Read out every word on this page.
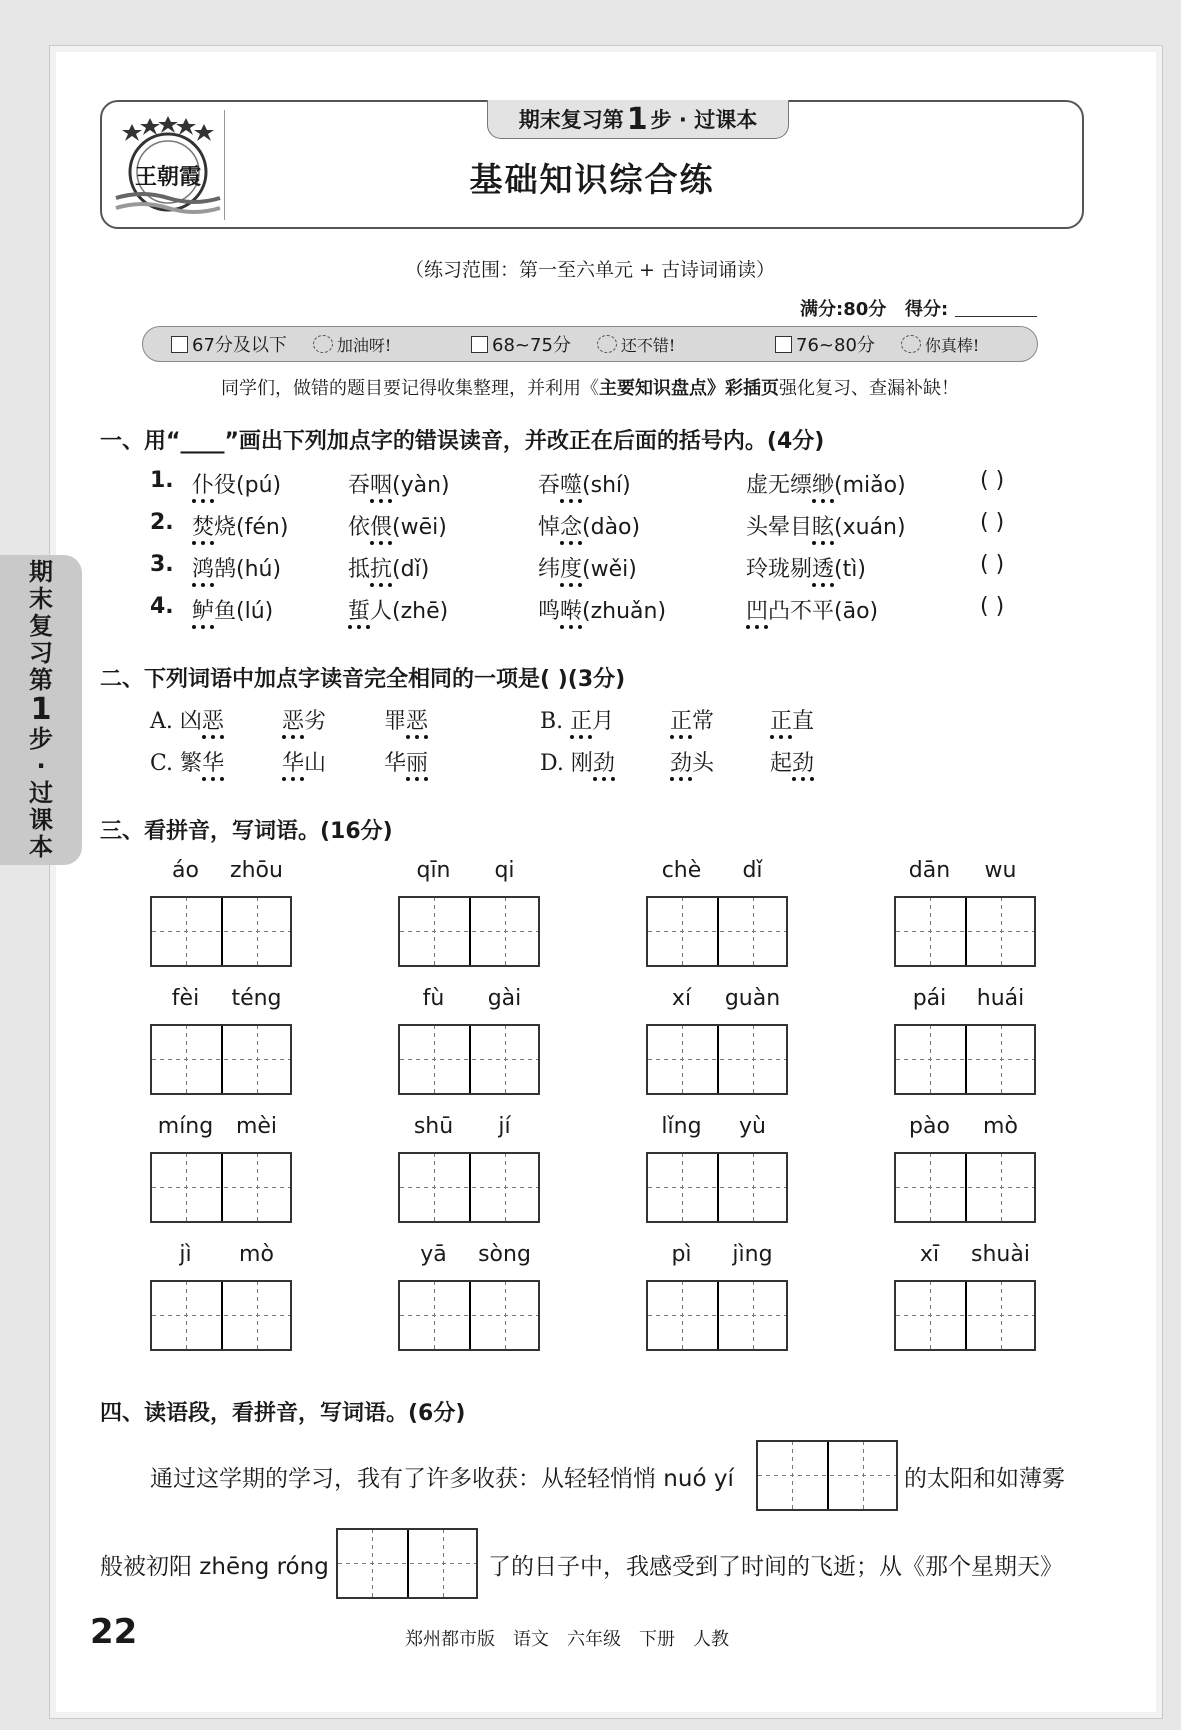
期
末
复
习
第
1
步
·
过
课
本
王朝霞
期末复习第 1 步 · 过课本
基础知识综合练
（练习范围：第一至六单元 + 古诗词诵读）
满分:80分 得分:
67分及以下	加油呀!	68~75分	还不错!	76~80分	你真棒!
同学们，做错的题目要记得收集整理，并利用《主要知识盘点》彩插页强化复习、查漏补缺！
一、用“____”画出下列加点字的错误读音，并改正在后面的括号内。(4分)
1. 仆役(pú)	吞咽(yàn)	吞噬(shí)	虚无缥缈(miǎo)	( )
2. 焚烧(fén)	依偎(wēi)	悼念(dào)	头晕目眩(xuán)	( )
3. 鸿鹄(hú)	抵抗(dǐ)	纬度(wěi)	玲珑剔透(tì)	( )
4. 鲈鱼(lú)	蜇人(zhē)	鸣啭(zhuǎn)	凹凸不平(āo)	( )
二、下列词语中加点字读音完全相同的一项是( )(3分)
A. 凶恶	恶劣	罪恶	B. 正月	正常	正直
C. 繁华	华山	华丽	D. 刚劲	劲头	起劲
三、看拼音，写词语。(16分)
áo	zhōu	qīn	qi	chè	dǐ	dān	wu
fèi	téng	fù	gài	xí	guàn	pái	huái
míng	mèi	shū	jí	lǐng	yù	pào	mò
jì	mò	yā	sòng	pì	jìng	xī	shuài
四、读语段，看拼音，写词语。(6分)
通过这学期的学习，我有了许多收获：从轻轻悄悄 nuó yí	的太阳和如薄雾
般被初阳 zhēng róng	了的日子中，我感受到了时间的飞逝；从《那个星期天》
22	郑州都市版　语文　六年级　下册　人教
